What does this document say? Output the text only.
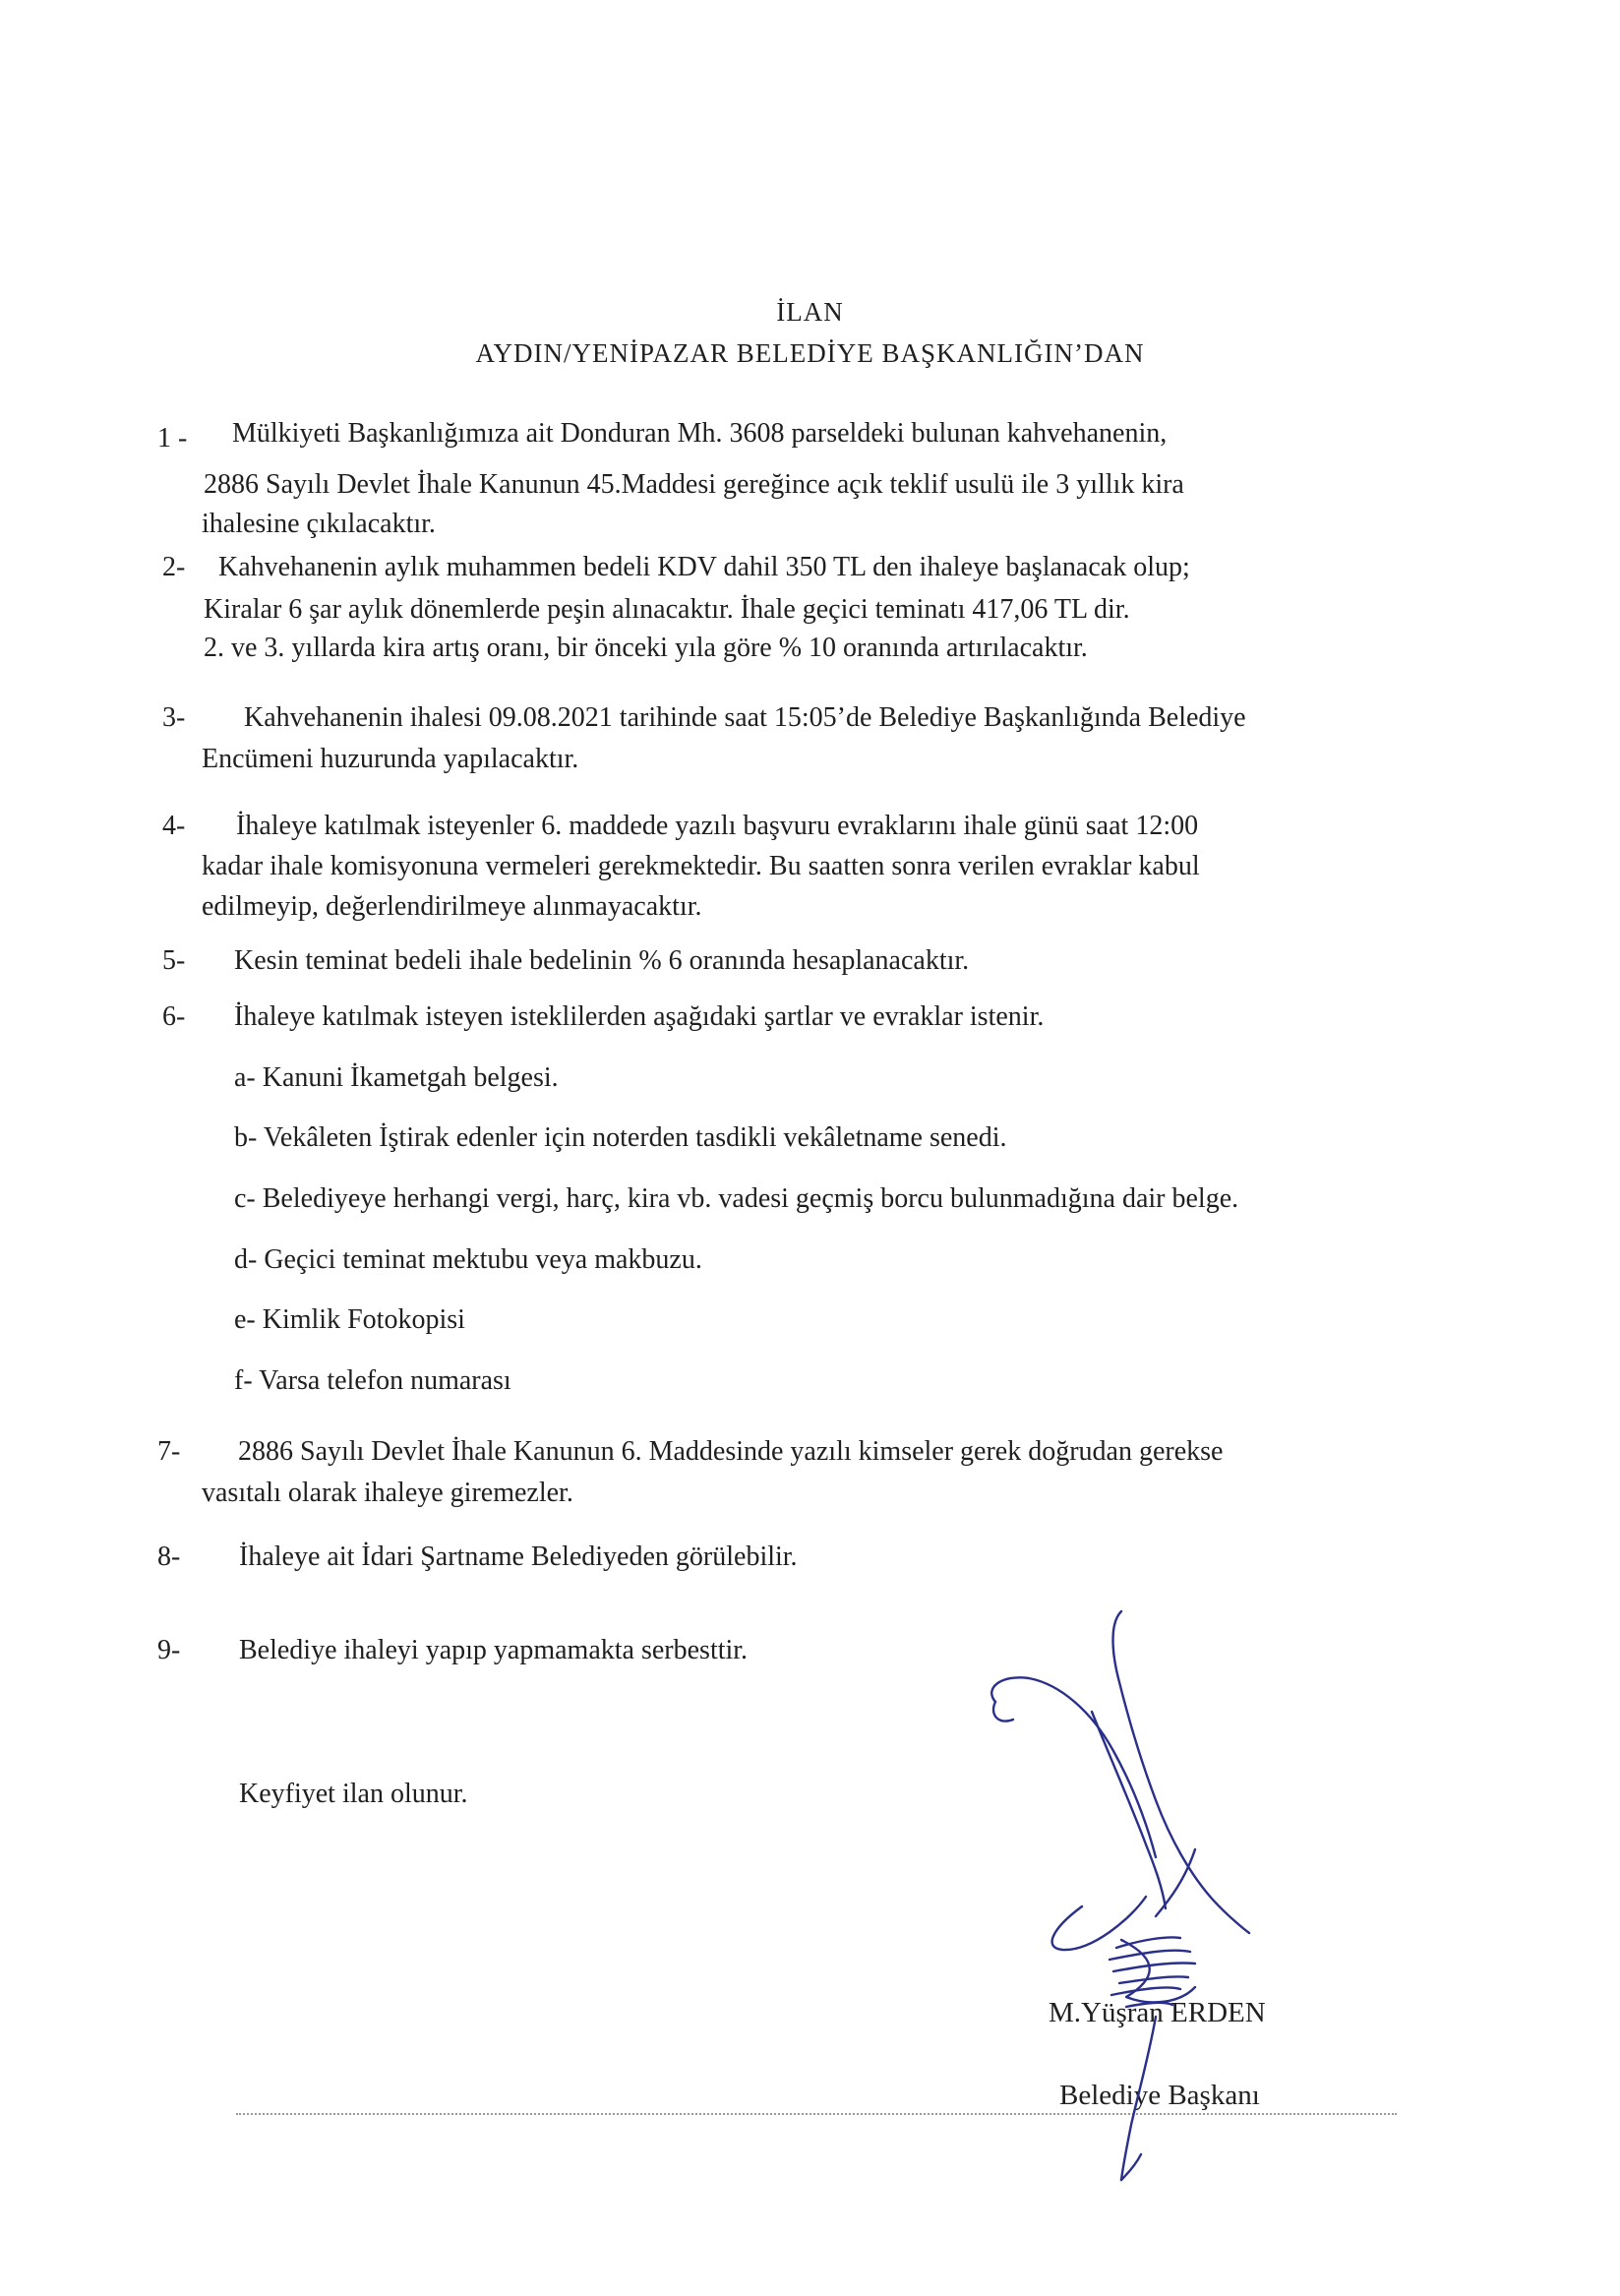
İLAN
AYDIN/YENİPAZAR BELEDİYE BAŞKANLIĞIN’DAN
1 - Mülkiyeti Başkanlığımıza ait Donduran Mh. 3608 parseldeki bulunan kahvehanenin,
2886 Sayılı Devlet İhale Kanunun 45.Maddesi gereğince açık teklif usulü ile 3 yıllık kira
ihalesine çıkılacaktır.
2- Kahvehanenin aylık muhammen bedeli KDV dahil 350 TL den ihaleye başlanacak olup;
Kiralar 6 şar aylık dönemlerde peşin alınacaktır. İhale geçici teminatı 417,06 TL dir.
2. ve 3. yıllarda kira artış oranı, bir önceki yıla göre % 10 oranında artırılacaktır.
3- Kahvehanenin ihalesi 09.08.2021 tarihinde saat 15:05’de Belediye Başkanlığında Belediye
Encümeni huzurunda yapılacaktır.
4- İhaleye katılmak isteyenler 6. maddede yazılı başvuru evraklarını ihale günü saat 12:00
kadar ihale komisyonuna vermeleri gerekmektedir. Bu saatten sonra verilen evraklar kabul
edilmeyip, değerlendirilmeye alınmayacaktır.
5- Kesin teminat bedeli ihale bedelinin % 6 oranında hesaplanacaktır.
6- İhaleye katılmak isteyen isteklilerden aşağıdaki şartlar ve evraklar istenir.
a- Kanuni İkametgah belgesi.
b- Vekâleten İştirak edenler için noterden tasdikli vekâletname senedi.
c- Belediyeye herhangi vergi, harç, kira vb. vadesi geçmiş borcu bulunmadığına dair belge.
d- Geçici teminat mektubu veya makbuzu.
e- Kimlik Fotokopisi
f- Varsa telefon numarası
7- 2886 Sayılı Devlet İhale Kanunun 6. Maddesinde yazılı kimseler gerek doğrudan gerekse
vasıtalı olarak ihaleye giremezler.
8- İhaleye ait İdari Şartname Belediyeden görülebilir.
9- Belediye ihaleyi yapıp yapmamakta serbesttir.
Keyfiyet ilan olunur.
M.Yüşran ERDEN
Belediye Başkanı
